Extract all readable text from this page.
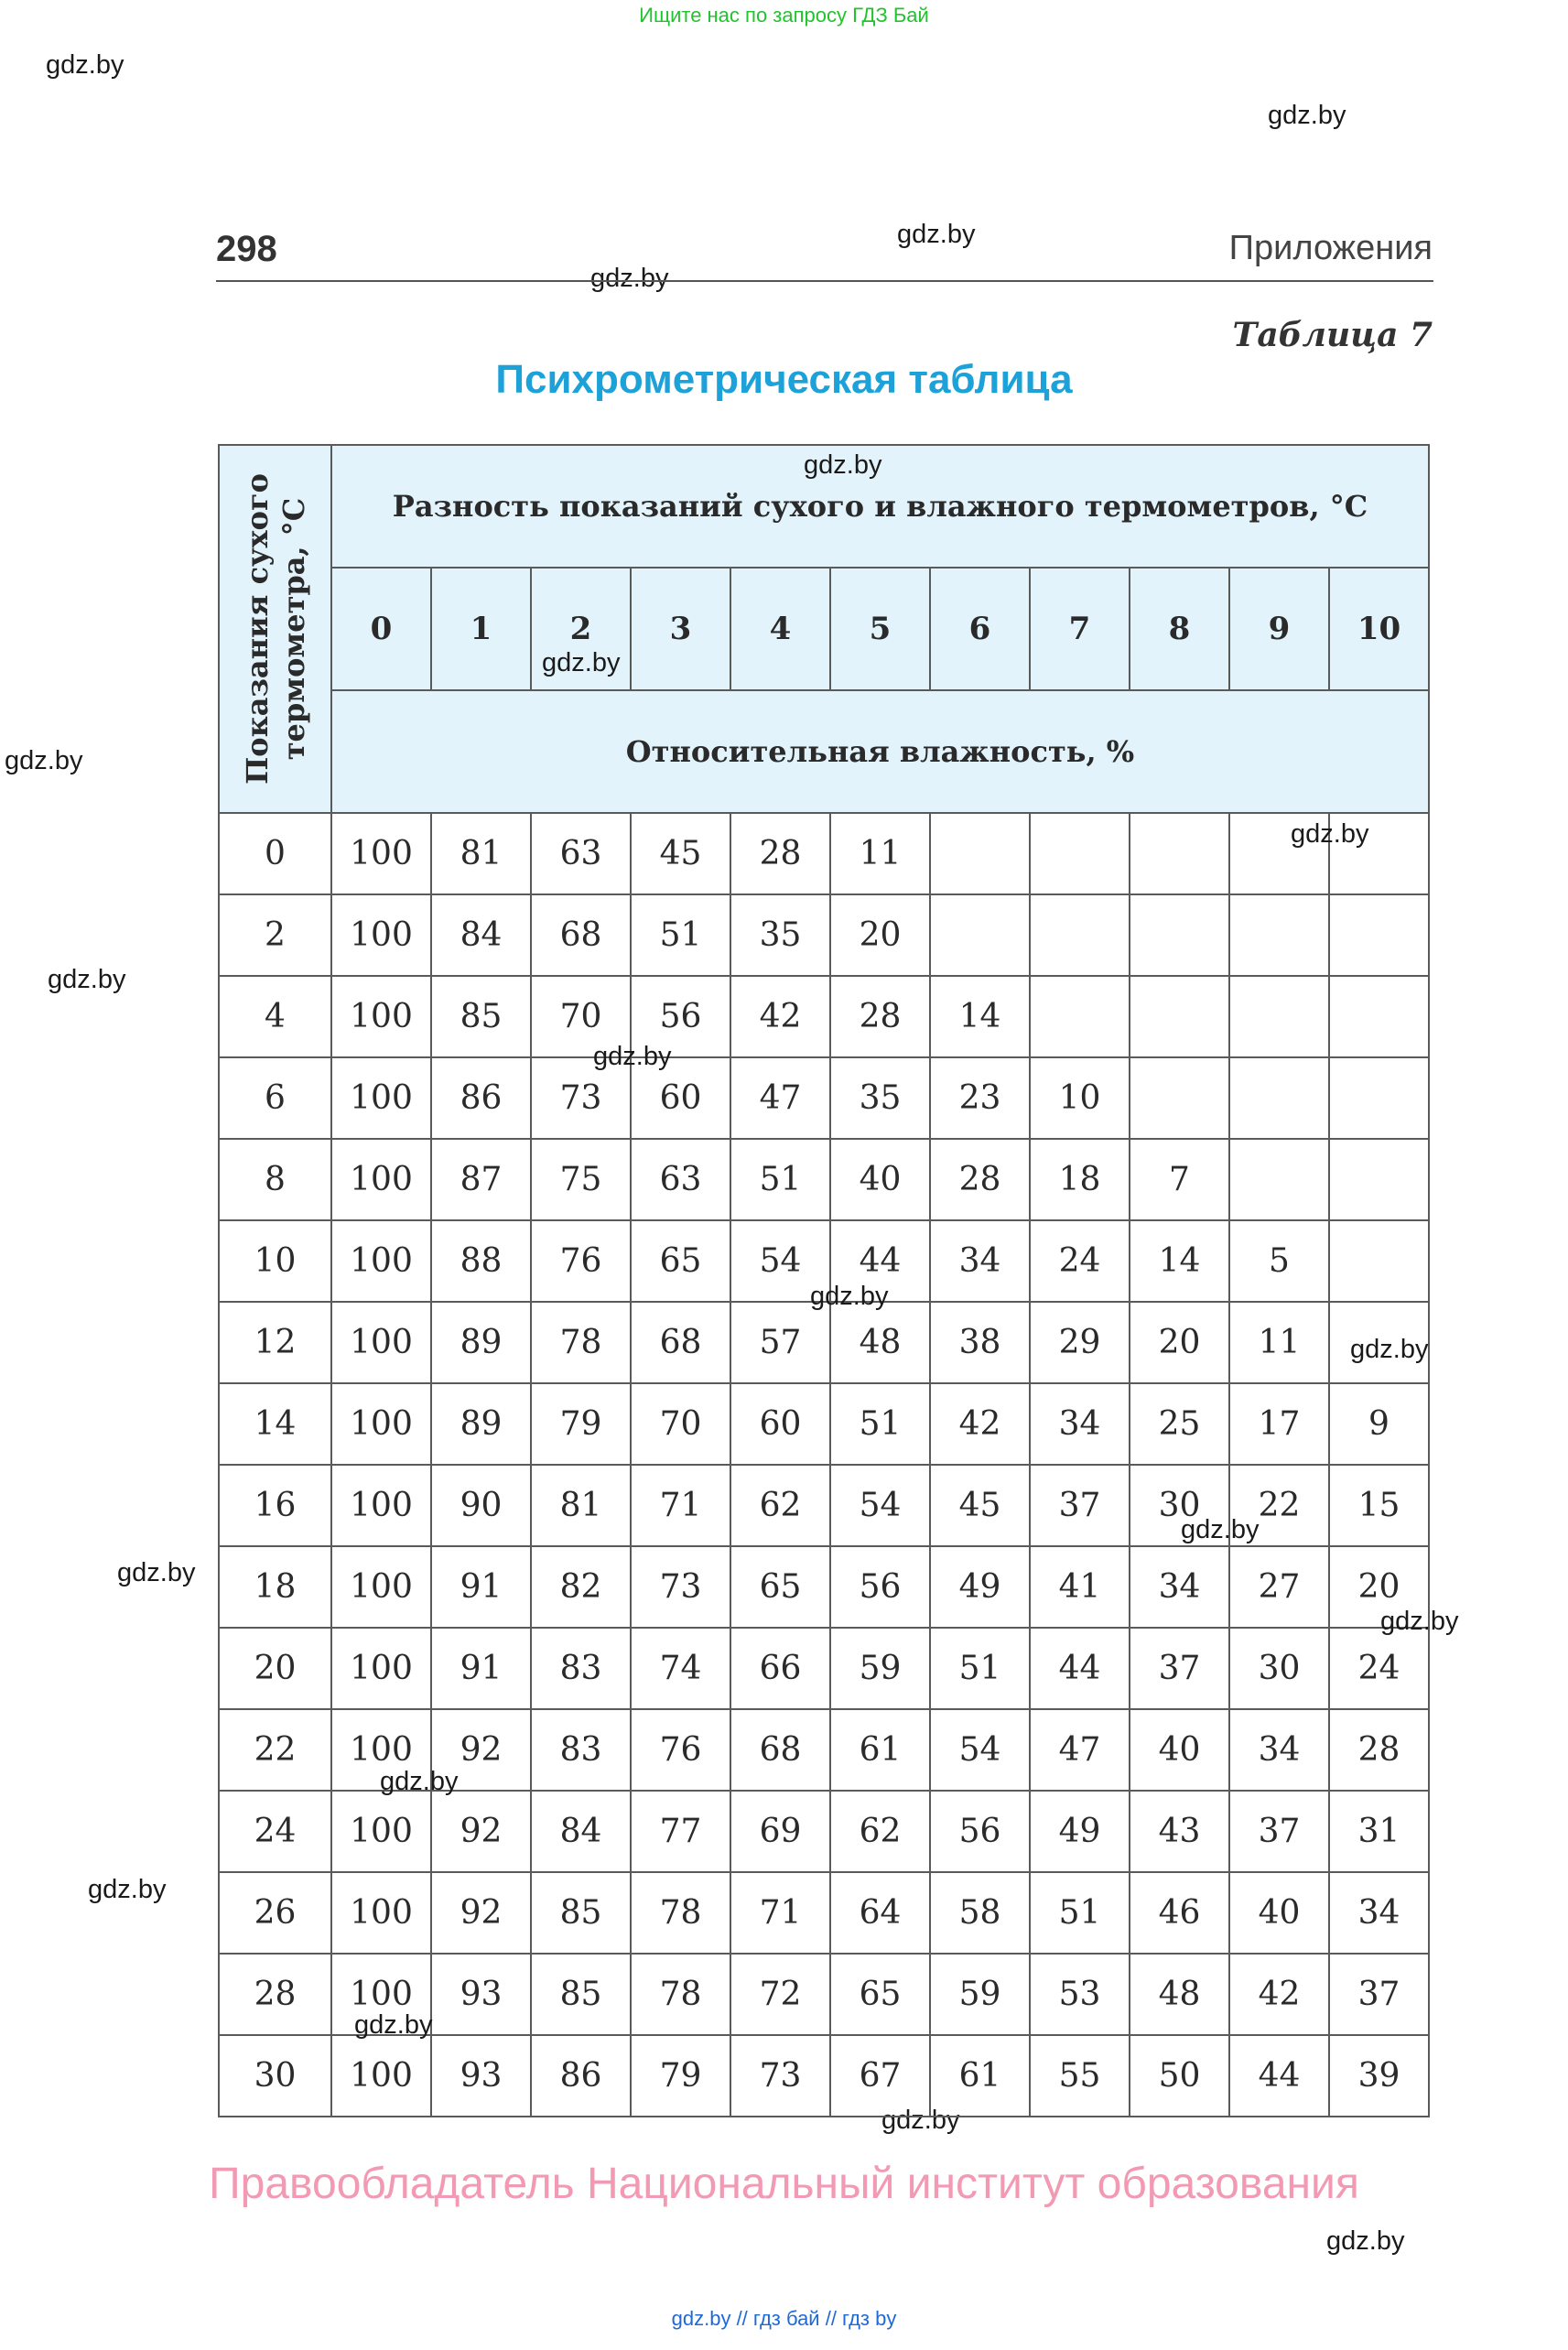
Ищите нас по запросу ГДЗ Бай
gdz.by
gdz.by
gdz.by
gdz.by
gdz.by
gdz.by
gdz.by
gdz.by
gdz.by
gdz.by
298	Приложения
Таблица 7
Психрометрическая таблица
Показания сухого термометра, °С	Разность показаний сухого и влажного термометров, °С										
	0	1	2	3	4	5	6	7	8	9	10
	Относительная влажность, %										
0	100	81	63	45	28	11					
2	100	84	68	51	35	20					
4	100	85	70	56	42	28	14				
6	100	86	73	60	47	35	23	10			
8	100	87	75	63	51	40	28	18	7		
10	100	88	76	65	54	44	34	24	14	5	
12	100	89	78	68	57	48	38	29	20	11	
14	100	89	79	70	60	51	42	34	25	17	9
16	100	90	81	71	62	54	45	37	30	22	15
18	100	91	82	73	65	56	49	41	34	27	20
20	100	91	83	74	66	59	51	44	37	30	24
22	100	92	83	76	68	61	54	47	40	34	28
24	100	92	84	77	69	62	56	49	43	37	31
26	100	92	85	78	71	64	58	51	46	40	34
28	100	93	85	78	72	65	59	53	48	42	37
30	100	93	86	79	73	67	61	55	50	44	39
Правообладатель Национальный институт образования
gdz.by // гдз бай // гдз by
gdz.by
gdz.by
gdz.by
gdz.by
gdz.by
gdz.by
gdz.by
gdz.by
gdz.by
gdz.by
